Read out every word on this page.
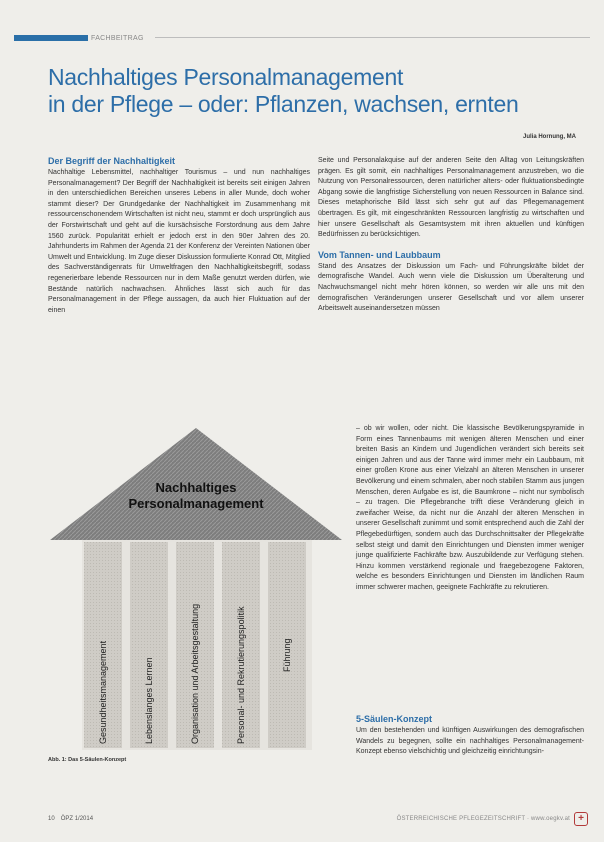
FACHBEITRAG
Nachhaltiges Personalmanagement
in der Pflege – oder: Pflanzen, wachsen, ernten
Julia Hornung, MA
Der Begriff der Nachhaltigkeit

Nachhaltige Lebensmittel, nachhaltiger Tourismus – und nun nachhaltiges Personalmanagement? Der Begriff der Nachhaltigkeit ist bereits seit einigen Jahren in den unterschiedlichen Bereichen unseres Lebens in aller Munde, doch woher stammt dieser? Der Grundgedanke der Nachhaltigkeit im Zusammenhang mit ressourcenschonendem Wirtschaften ist nicht neu, stammt er doch ursprünglich aus der Forstwirtschaft und geht auf die kursächsische Forstordnung aus dem Jahre 1560 zurück. Popularität erhielt er jedoch erst in den 90er Jahren des 20. Jahrhunderts im Rahmen der Agenda 21 der Konferenz der Vereinten Nationen über Umwelt und Entwicklung. Im Zuge dieser Diskussion formulierte Konrad Ott, Mitglied des Sachverständigenrats für Umweltfragen den Nachhaltigkeitsbegriff, sodass regenerierbare lebende Ressourcen nur in dem Maße genutzt werden dürfen, wie Bestände natürlich nachwachsen. Ähnliches lässt sich auch für das Personalmanagement in der Pflege aussagen, da auch hier Fluktuation auf der einen

Seite und Personalakquise auf der anderen Seite den Alltag von Leitungskräften prägen. Es gilt somit, ein nachhaltiges Personalmanagement anzustreben, wo die Nutzung von Personalressourcen, deren natürlicher alters- oder fluktuationsbedingte Abgang sowie die langfristige Sicherstellung von neuen Ressourcen in Balance sind. Dieses metaphorische Bild lässt sich sehr gut auf das Pflegemanagement übertragen. Es gilt, mit eingeschränkten Ressourcen langfristig zu wirtschaften und hier unsere Gesellschaft als Gesamtsystem mit ihren aktuellen und künftigen Bedürfnissen zu berücksichtigen.

Vom Tannen- und Laubbaum

Stand des Ansatzes der Diskussion um Fach- und Führungskräfte bildet der demografische Wandel. Auch wenn viele die Diskussion um Überalterung und Nachwuchsmangel nicht mehr hören können, so werden wir alle uns mit den demografischen Veränderungen unserer Gesellschaft und vor allem unserer Arbeitswelt auseinandersetzen müssen

Nachhaltiges
Personalmanagement
Gesundheitsmanagement	Lebenslanges Lernen	Organisation und Arbeitsgestaltung	Personal- und Rekrutierungspolitik	Führung
Abb. 1: Das 5-Säulen-Konzept

– ob wir wollen, oder nicht. Die klassische Bevölkerungspyramide in Form eines Tannenbaums mit wenigen älteren Menschen und einer breiten Basis an Kindern und Jugendlichen verändert sich bereits seit einigen Jahren und aus der Tanne wird immer mehr ein Laubbaum, mit einer großen Krone aus einer Vielzahl an älteren Menschen in unserer Bevölkerung und einem schmalen, aber noch stabilen Stamm aus jungen Menschen, deren Aufgabe es ist, die Baumkrone – nicht nur symbolisch – zu tragen. Die Pflegebranche trifft diese Veränderung gleich in zweifacher Weise, da nicht nur die Anzahl der älteren Menschen in unserer Gesellschaft zunimmt und somit entsprechend auch die Zahl der Pflegebedürftigen, sondern auch das Durchschnittsalter der Pflegekräfte selbst steigt und damit den Einrichtungen und Diensten immer weniger junge qualifizierte Fachkräfte bzw. Auszubildende zur Verfügung stehen. Hinzu kommen verstärkend regionale und fraegebezogene Faktoren, welche es besonders Einrichtungen und Diensten im ländlichen Raum immer schwerer machen, geeignete Fachkräfte zu rekrutieren.

5-Säulen-Konzept

Um den bestehenden und künftigen Auswirkungen des demografischen Wandels zu begegnen, sollte ein nachhaltiges Personalmanagement-Konzept ebenso vielschichtig und gleichzeitig einrichtungsin-

10 ÖPZ 1/2014	ÖSTERREICHISCHE PFLEGEZEITSCHRIFT · www.oegkv.at +
